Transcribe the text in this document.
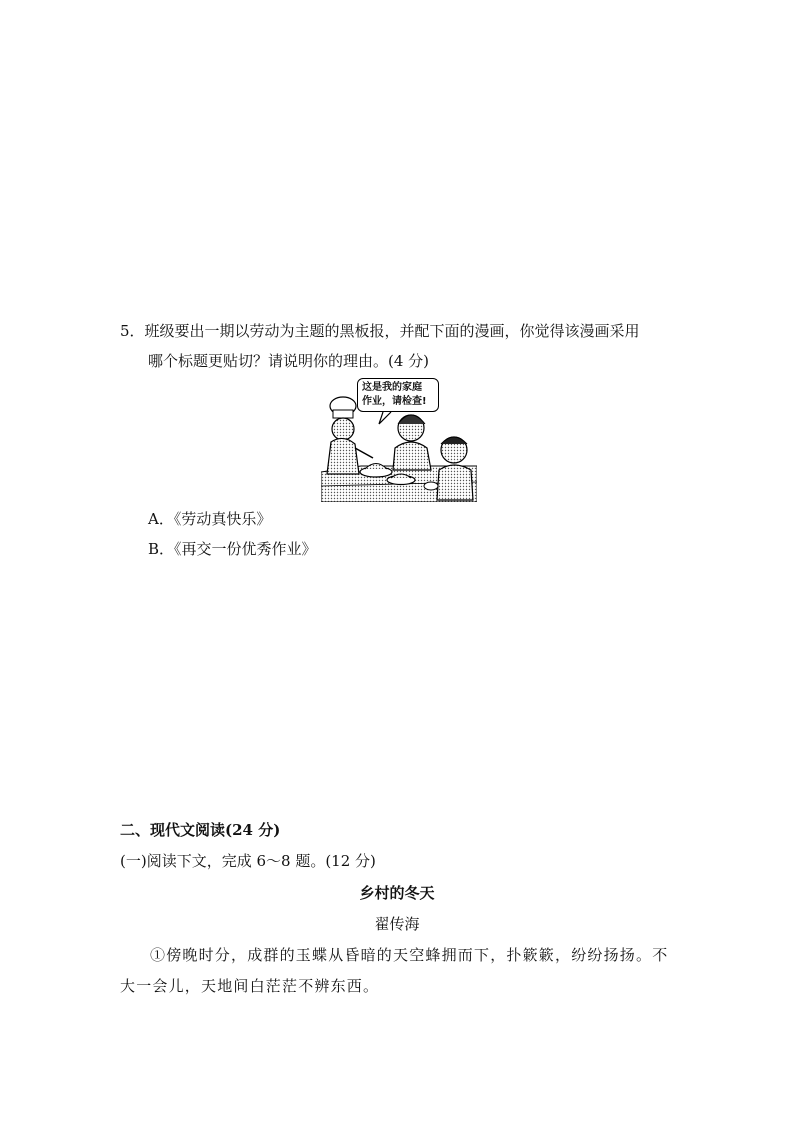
5．班级要出一期以劳动为主题的黑板报，并配下面的漫画，你觉得该漫画采用
哪个标题更贴切？请说明你的理由。(4 分)
这是我的家庭
作业，请检查!
A．《劳动真快乐》
B．《再交一份优秀作业》
二、现代文阅读(24 分)
(一)阅读下文，完成 6～8 题。(12 分)
乡村的冬天
翟传海
①傍晚时分，成群的玉蝶从昏暗的天空蜂拥而下，扑簌簌，纷纷扬扬。不
大一会儿，天地间白茫茫不辨东西。
